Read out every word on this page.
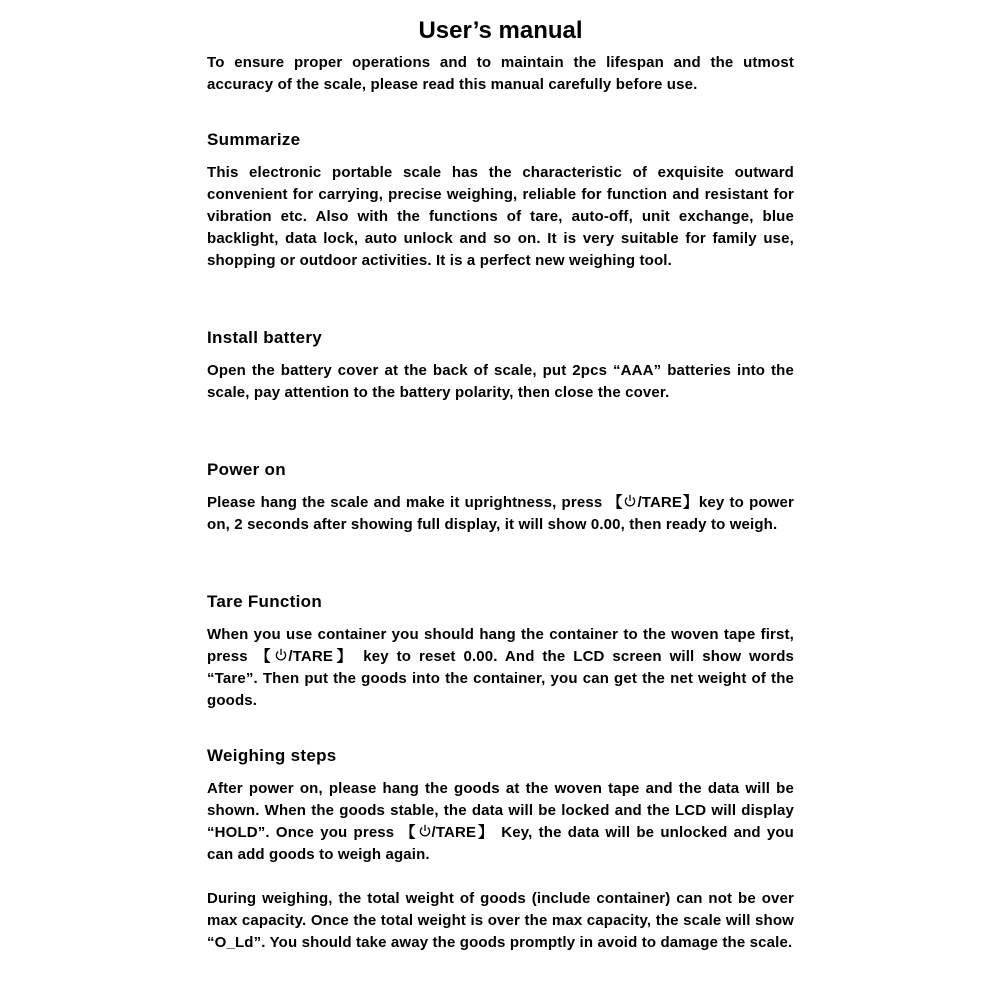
User’s manual

To ensure proper operations and to maintain the lifespan and the utmost accuracy of the scale, please read this manual carefully before use.

Summarize

This electronic portable scale has the characteristic of exquisite outward convenient for carrying, precise weighing, reliable for function and resistant for vibration etc. Also with the functions of tare, auto-off, unit exchange, blue backlight, data lock, auto unlock and so on. It is very suitable for family use, shopping or outdoor activities. It is a perfect new weighing tool.

Install battery

Open the battery cover at the back of scale, put 2pcs “AAA” batteries into the scale, pay attention to the battery polarity, then close the cover.

Power on

Please hang the scale and make it uprightness, press 【 /TARE】key to power on, 2 seconds after showing full display, it will show 0.00, then ready to weigh.

Tare Function

When you use container you should hang the container to the woven tape first, press 【 /TARE】 key to reset 0.00. And the LCD screen will show words “Tare”. Then put the goods into the container, you can get the net weight of the goods.

Weighing steps

After power on, please hang the goods at the woven tape and the data will be shown. When the goods stable, the data will be locked and the LCD will display “HOLD”. Once you press 【 /TARE】 Key, the data will be unlocked and you can add goods to weigh again.

During weighing, the total weight of goods (include container) can not be over max capacity. Once the total weight is over the max capacity, the scale will show “O_Ld”. You should take away the goods promptly in avoid to damage the scale.
